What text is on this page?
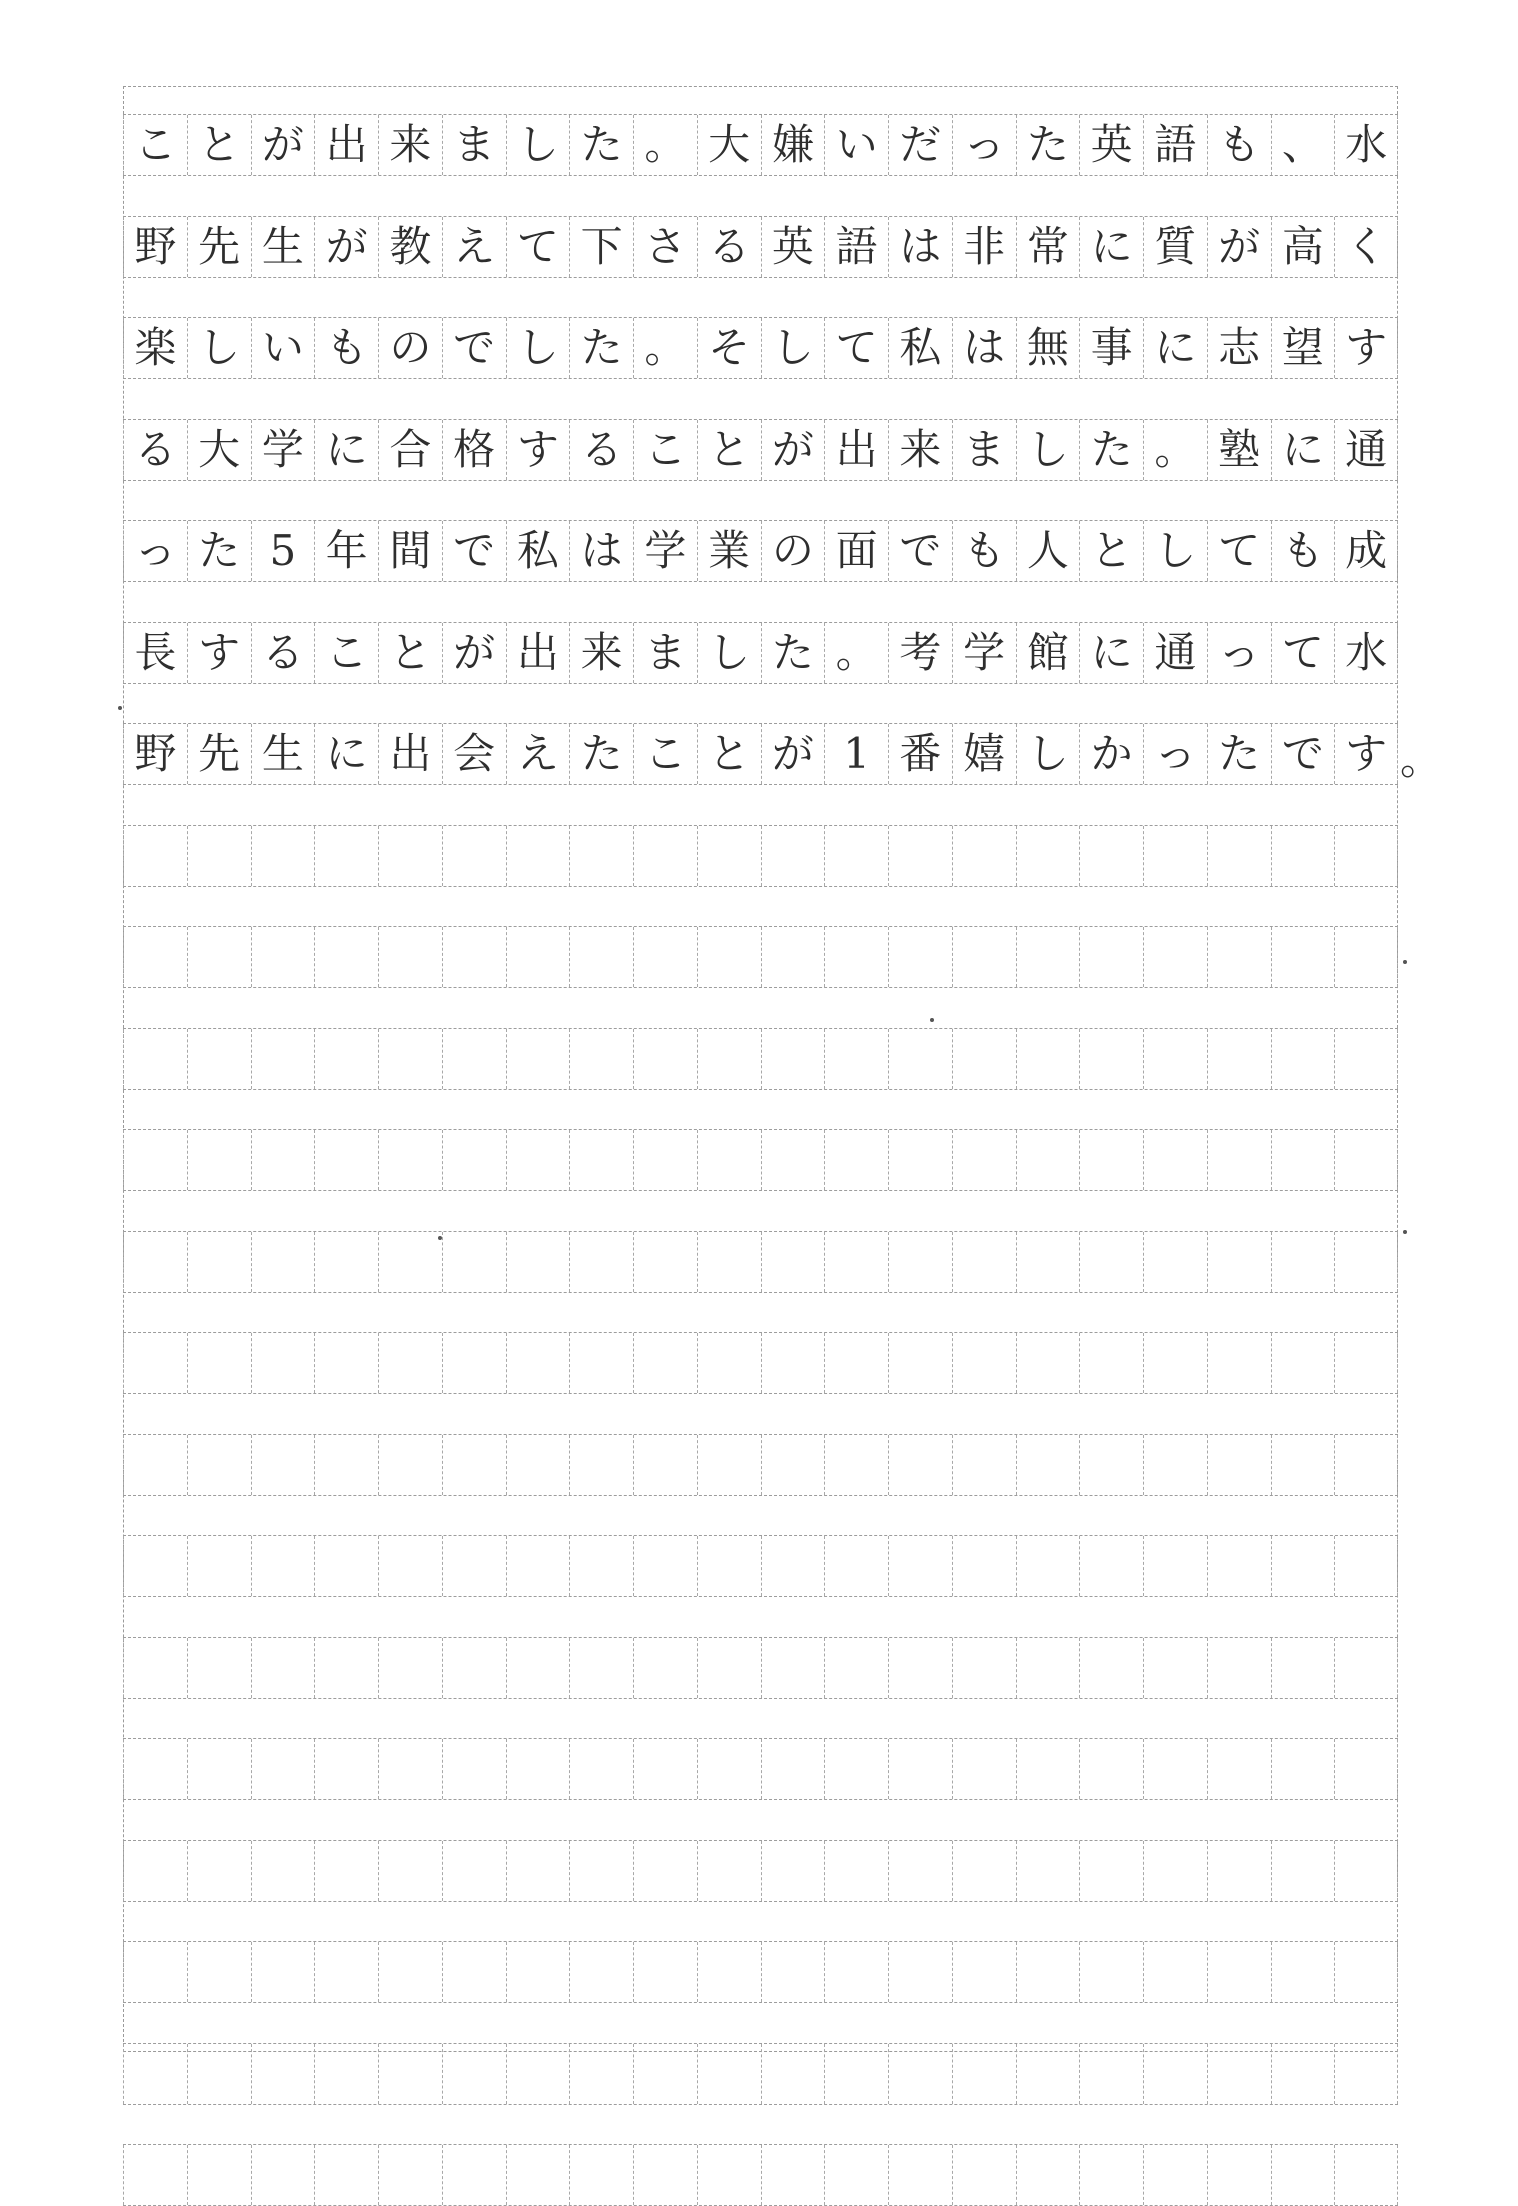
こ と が 出 来 ま し た 。 大 嫌 い だ っ た 英 語 も 、 水
野 先 生 が 教 え て 下 さ る 英 語 は 非 常 に 質 が 高 く
楽 し い も の で し た 。 そ し て 私 は 無 事 に 志 望 す
る 大 学 に 合 格 す る こ と が 出 来 ま し た 。 塾 に 通
っ た 5 年 間 で 私 は 学 業 の 面 で も 人 と し て も 成
長 す る こ と が 出 来 ま し た 。 考 学 館 に 通 っ て 水
野 先 生 に 出 会 え た こ と が 1 番 嬉 し か っ た で す 。
